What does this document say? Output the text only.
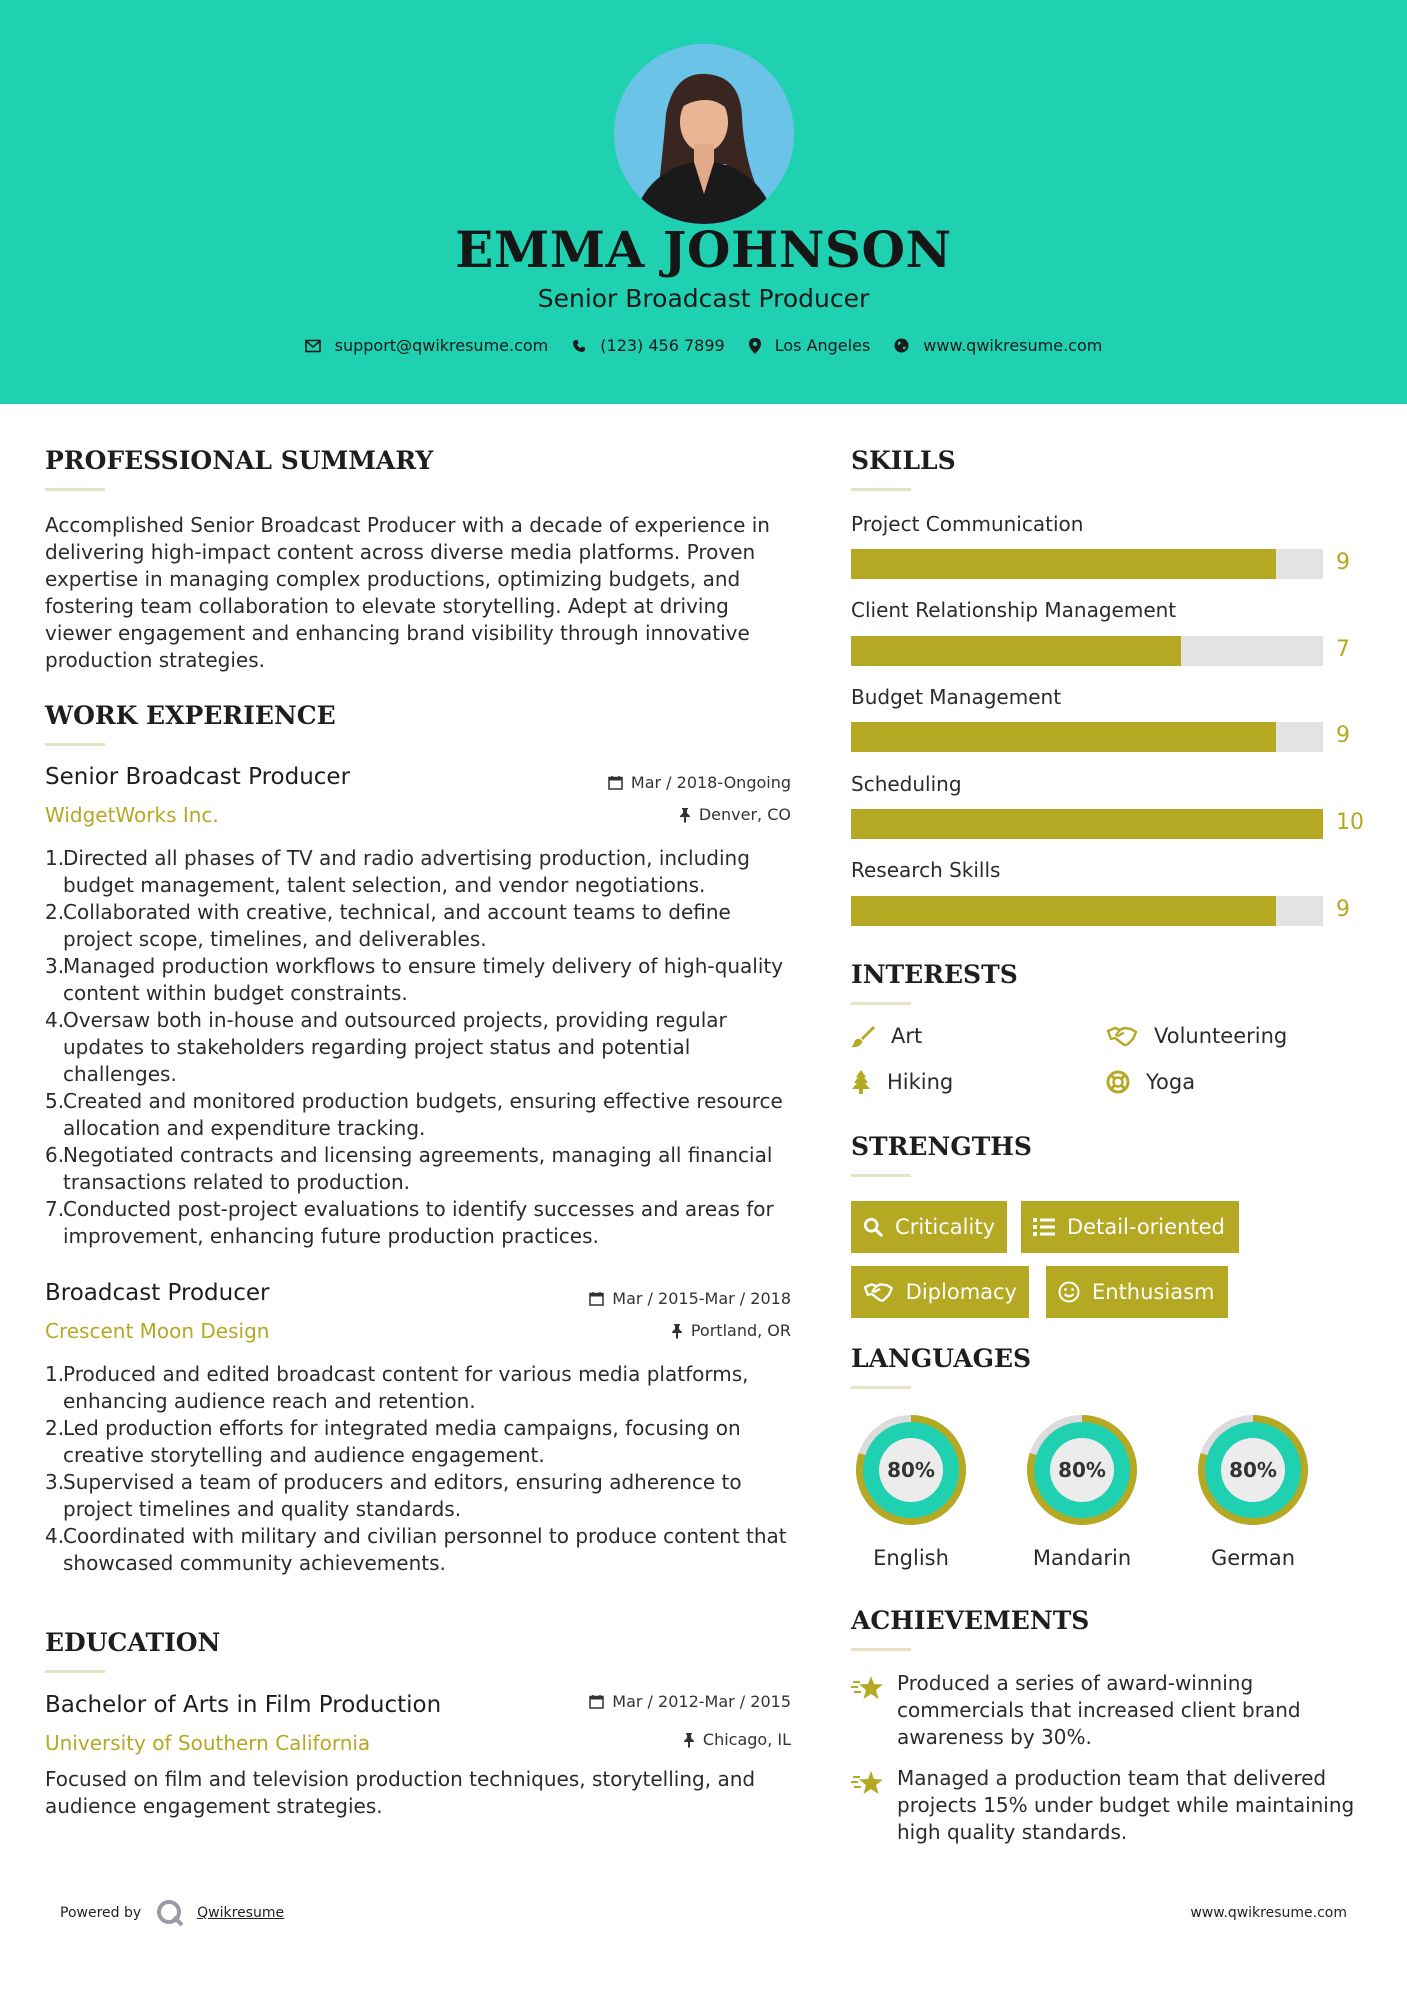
EMMA JOHNSON
Senior Broadcast Producer
support@qwikresume.com	(123) 456 7899	Los Angeles	www.qwikresume.com
PROFESSIONAL SUMMARY
Accomplished Senior Broadcast Producer with a decade of experience in delivering high-impact content across diverse media platforms. Proven expertise in managing complex productions, optimizing budgets, and fostering team collaboration to elevate storytelling. Adept at driving viewer engagement and enhancing brand visibility through innovative production strategies.
WORK EXPERIENCE
Senior Broadcast Producer
WidgetWorks Inc.
Mar / 2018-Ongoing
Denver, CO
1.
Directed all phases of TV and radio advertising production, including budget management, talent selection, and vendor negotiations.
2.
Collaborated with creative, technical, and account teams to define project scope, timelines, and deliverables.
3.
Managed production workflows to ensure timely delivery of high-quality content within budget constraints.
4.
Oversaw both in-house and outsourced projects, providing regular updates to stakeholders regarding project status and potential challenges.
5.
Created and monitored production budgets, ensuring effective resource allocation and expenditure tracking.
6.
Negotiated contracts and licensing agreements, managing all financial transactions related to production.
7.
Conducted post-project evaluations to identify successes and areas for improvement, enhancing future production practices.
Broadcast Producer
Crescent Moon Design
Mar / 2015-Mar / 2018
Portland, OR
1.
Produced and edited broadcast content for various media platforms, enhancing audience reach and retention.
2.
Led production efforts for integrated media campaigns, focusing on creative storytelling and audience engagement.
3.
Supervised a team of producers and editors, ensuring adherence to project timelines and quality standards.
4.
Coordinated with military and civilian personnel to produce content that showcased community achievements.
EDUCATION
Bachelor of Arts in Film Production
University of Southern California
Mar / 2012-Mar / 2015
Chicago, IL
Focused on film and television production techniques, storytelling, and audience engagement strategies.
SKILLS
Project Communication
9
Client Relationship Management
7
Budget Management
9
Scheduling
10
Research Skills
9
INTERESTS
Art	Volunteering
Hiking	Yoga
STRENGTHS
Criticality	Detail-oriented
Diplomacy	Enthusiasm
LANGUAGES
80%
English
80%
Mandarin
80%
German
ACHIEVEMENTS
Produced a series of award-winning commercials that increased client brand awareness by 30%.
Managed a production team that delivered projects 15% under budget while maintaining high quality standards.
Powered by	Qwikresume	www.qwikresume.com
